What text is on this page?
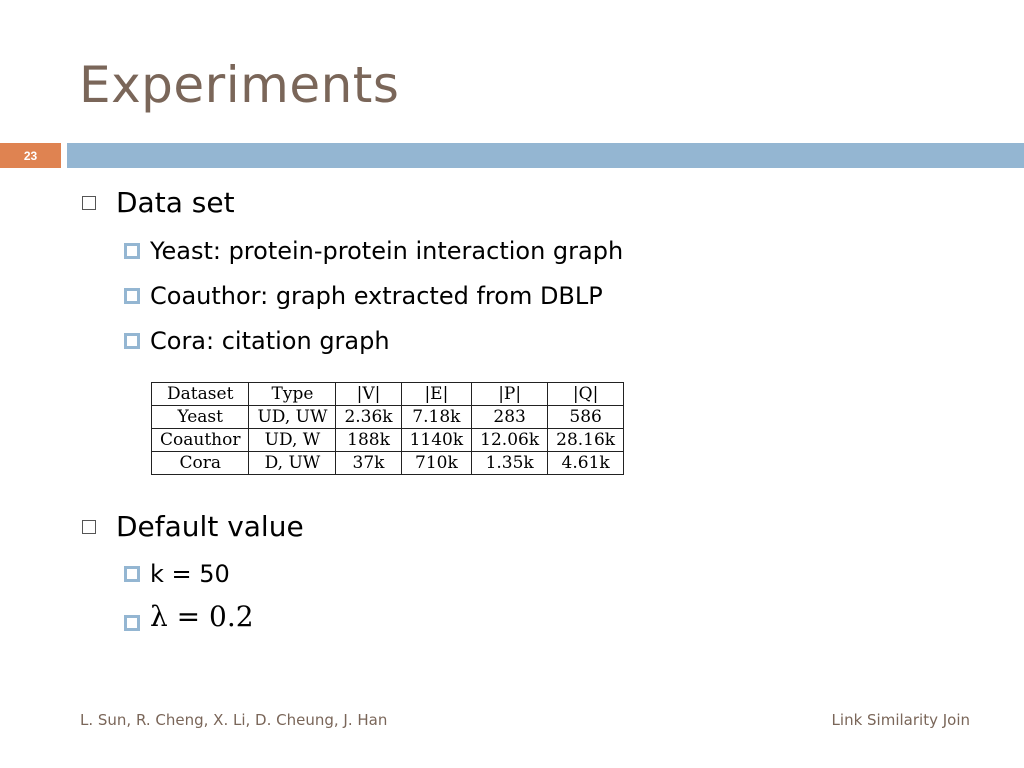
Experiments
23
Data set
Yeast: protein-protein interaction graph
Coauthor: graph extracted from DBLP
Cora: citation graph
Dataset	Type	|V|	|E|	|P|	|Q|
Yeast	UD, UW	2.36k	7.18k	283	586
Coauthor	UD, W	188k	1140k	12.06k	28.16k
Cora	D, UW	37k	710k	1.35k	4.61k
Default value
k = 50
λ = 0.2
L. Sun, R. Cheng, X. Li, D. Cheung, J. Han	Link Similarity Join
